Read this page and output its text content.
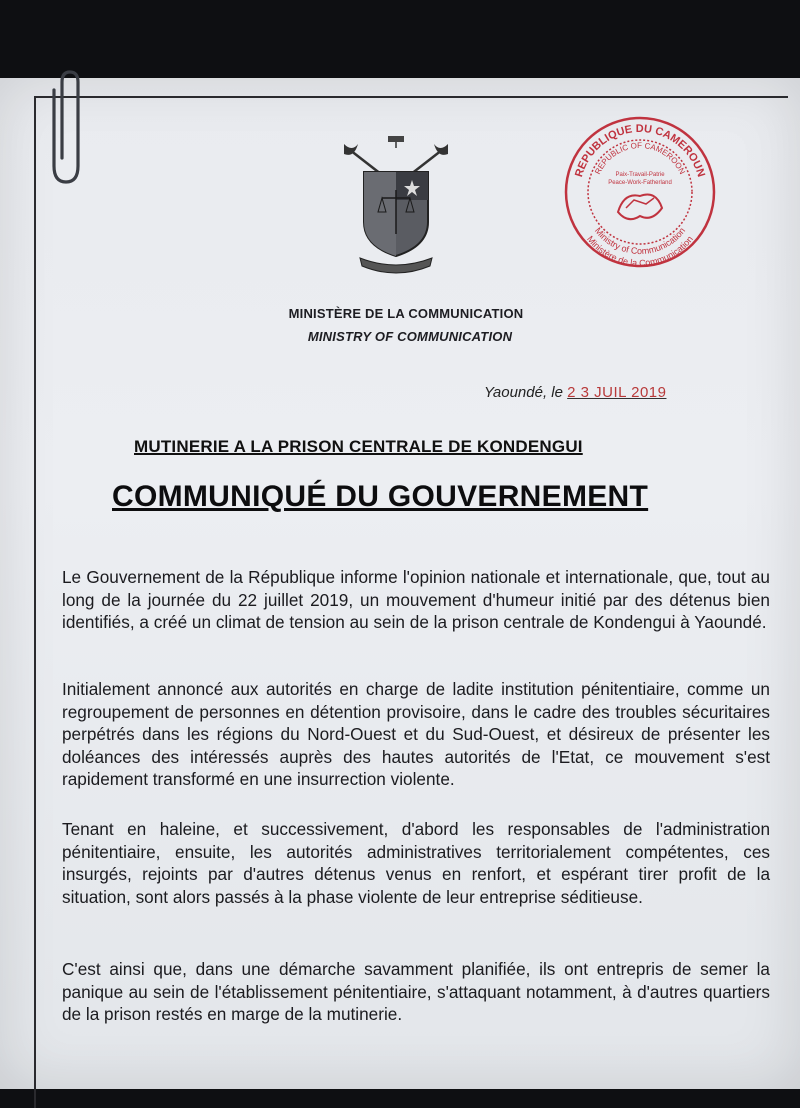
REPUBLIQUE DU CAMEROUN
REPUBLIC OF CAMEROON
Ministry of Communication
Ministère de la Communication
Paix-Travail-Patrie
Peace-Work-Fatherland
MINISTÈRE DE LA COMMUNICATION
MINISTRY OF COMMUNICATION
Yaoundé, le 2 3 JUIL 2019
MUTINERIE A LA PRISON CENTRALE DE KONDENGUI
COMMUNIQUÉ DU GOUVERNEMENT
Le Gouvernement de la République informe l'opinion nationale et internationale, que, tout au long de la journée du 22 juillet 2019, un mouvement d'humeur initié par des détenus bien identifiés, a créé un climat de tension au sein de la prison centrale de Kondengui à Yaoundé.
Initialement annoncé aux autorités en charge de ladite institution pénitentiaire, comme un regroupement de personnes en détention provisoire, dans le cadre des troubles sécuritaires perpétrés dans les régions du Nord-Ouest et du Sud-Ouest, et désireux de présenter les doléances des intéressés auprès des hautes autorités de l'Etat, ce mouvement s'est rapidement transformé en une insurrection violente.
Tenant en haleine, et successivement, d'abord les responsables de l'administration pénitentiaire, ensuite, les autorités administratives territorialement compétentes, ces insurgés, rejoints par d'autres détenus venus en renfort, et espérant tirer profit de la situation, sont alors passés à la phase violente de leur entreprise séditieuse.
C'est ainsi que, dans une démarche savamment planifiée, ils ont entrepris de semer la panique au sein de l'établissement pénitentiaire, s'attaquant notamment, à d'autres quartiers de la prison restés en marge de la mutinerie.
